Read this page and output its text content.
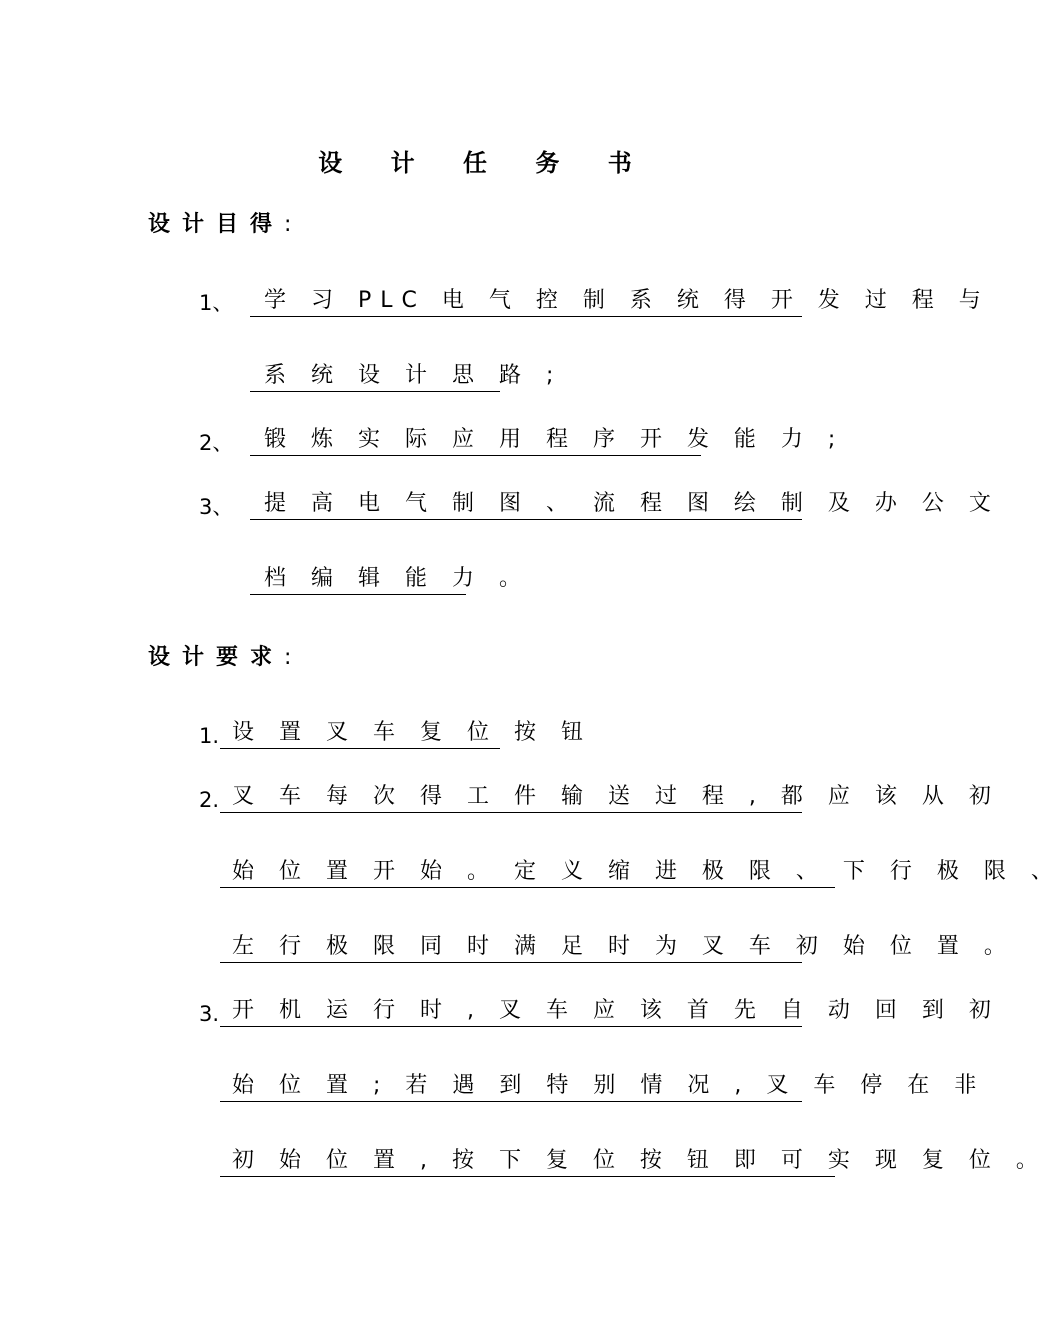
设 计 任 务 书
设计目得:
1、	学 习 PLC 电 气 控 制 系 统 得 开 发 过 程 与
系 统 设 计 思 路 ;
2、	锻 炼 实 际 应 用 程 序 开 发 能 力 ;
3、	提 高 电 气 制 图 、 流 程 图 绘 制 及 办 公 文
档 编 辑 能 力 。
设计要求:
1. 设 置 叉 车 复 位 按 钮
2. 叉 车 每 次 得 工 件 输 送 过 程 , 都 应 该 从 初
始 位 置 开 始 。 定 义 缩 进 极 限 、 下 行 极 限 、
左 行 极 限 同 时 满 足 时 为 叉 车 初 始 位 置 。
3. 开 机 运 行 时 , 叉 车 应 该 首 先 自 动 回 到 初
始 位 置 ; 若 遇 到 特 别 情 况 , 叉 车 停 在 非
初 始 位 置 , 按 下 复 位 按 钮 即 可 实 现 复 位 。
